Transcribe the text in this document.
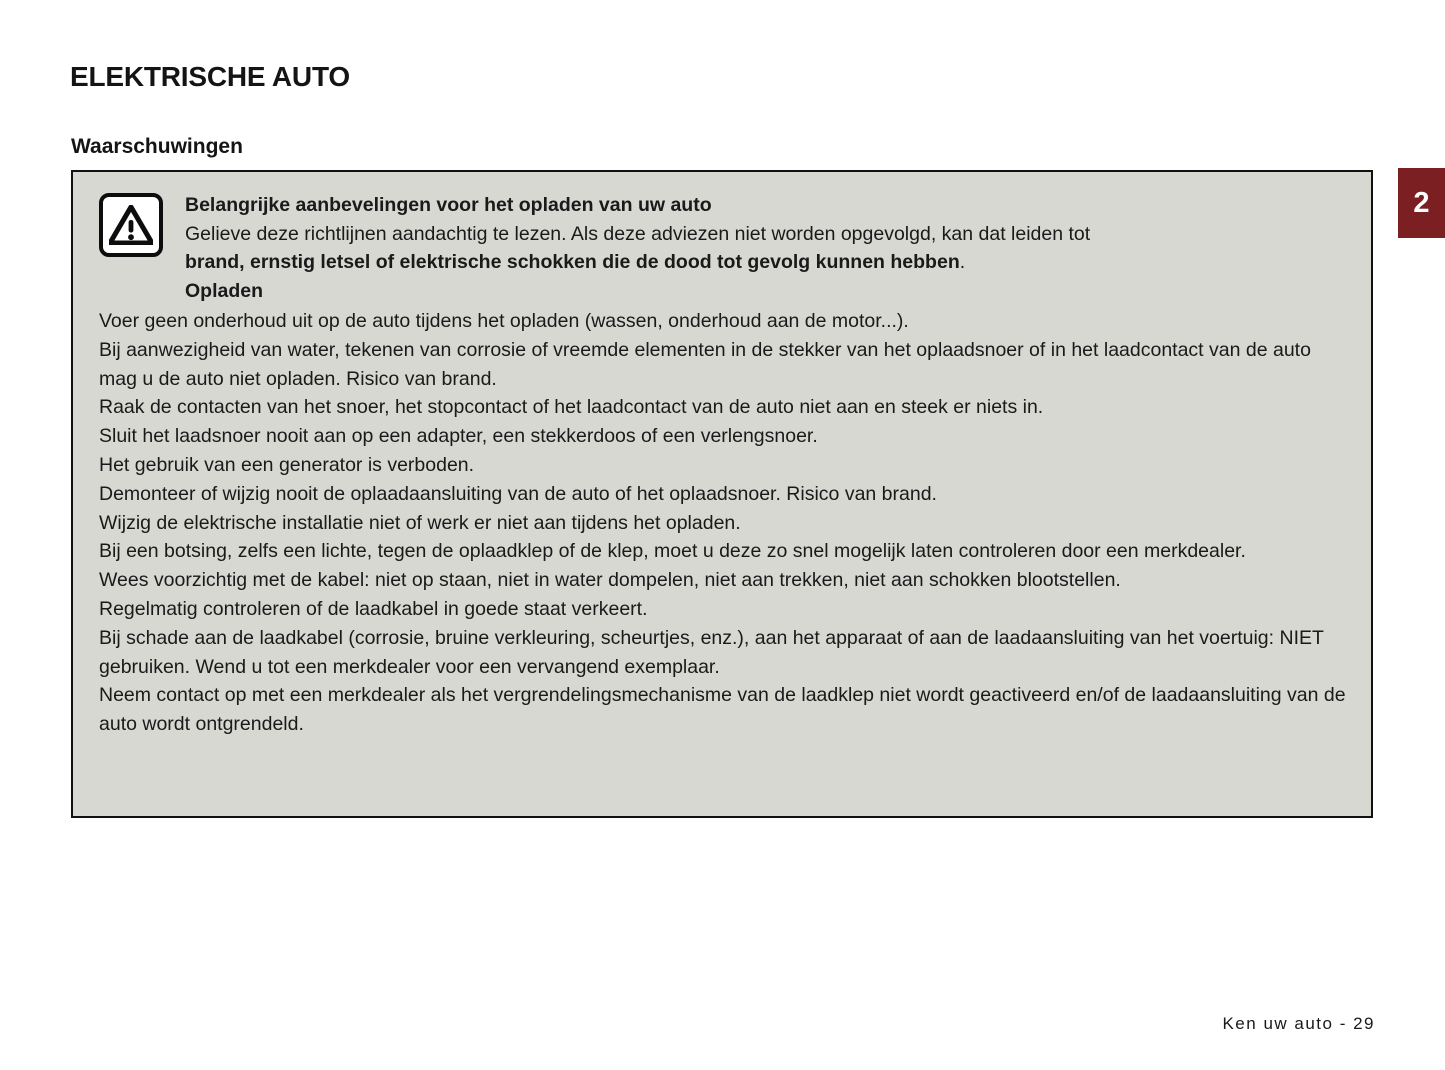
ELEKTRISCHE AUTO
Waarschuwingen
Belangrijke aanbevelingen voor het opladen van uw auto
Gelieve deze richtlijnen aandachtig te lezen. Als deze adviezen niet worden opgevolgd, kan dat leiden tot
brand, ernstig letsel of elektrische schokken die de dood tot gevolg kunnen hebben.
Opladen

Voer geen onderhoud uit op de auto tijdens het opladen (wassen, onderhoud aan de motor...).

Bij aanwezigheid van water, tekenen van corrosie of vreemde elementen in de stekker van het oplaadsnoer of in het laadcontact van de auto mag u de auto niet opladen. Risico van brand.

Raak de contacten van het snoer, het stopcontact of het laadcontact van de auto niet aan en steek er niets in.

Sluit het laadsnoer nooit aan op een adapter, een stekkerdoos of een verlengsnoer.

Het gebruik van een generator is verboden.

Demonteer of wijzig nooit de oplaadaansluiting van de auto of het oplaadsnoer. Risico van brand.

Wijzig de elektrische installatie niet of werk er niet aan tijdens het opladen.

Bij een botsing, zelfs een lichte, tegen de oplaadklep of de klep, moet u deze zo snel mogelijk laten controleren door een merkdealer.

Wees voorzichtig met de kabel: niet op staan, niet in water dompelen, niet aan trekken, niet aan schokken blootstellen.

Regelmatig controleren of de laadkabel in goede staat verkeert.

Bij schade aan de laadkabel (corrosie, bruine verkleuring, scheurtjes, enz.), aan het apparaat of aan de laadaansluiting van het voertuig: NIET gebruiken. Wend u tot een merkdealer voor een vervangend exemplaar.

Neem contact op met een merkdealer als het vergrendelingsmechanisme van de laadklep niet wordt geactiveerd en/of de laadaansluiting van de auto wordt ontgrendeld.

2
Ken uw auto - 29
